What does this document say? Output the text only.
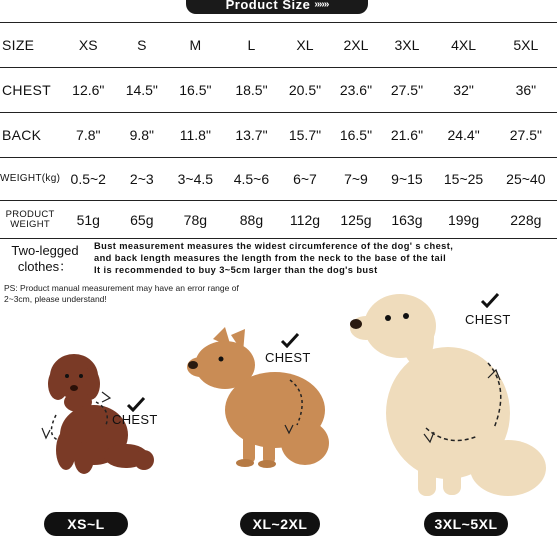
Product Size ››››››
SIZE	XS	S	M	L	XL	2XL	3XL	4XL	5XL
CHEST	12.6"	14.5"	16.5"	18.5"	20.5"	23.6"	27.5"	32"	36"
BACK	7.8"	9.8"	11.8"	13.7"	15.7"	16.5"	21.6"	24.4"	27.5"
WEIGHT(kg)	0.5~2	2~3	3~4.5	4.5~6	6~7	7~9	9~15	15~25	25~40
PRODUCT WEIGHT	51g	65g	78g	88g	112g	125g	163g	199g	228g
Two-legged clothes：
Bust measurement measures the widest circumference of the dog' s chest,
and back length measures the length from the neck to the base of the tail
It is recommended to buy 3~5cm larger than the dog's bust
PS: Product manual measurement may have an error range of 2~3cm, please understand!
CHEST
CHEST
CHEST
XS~L	XL~2XL	3XL~5XL
